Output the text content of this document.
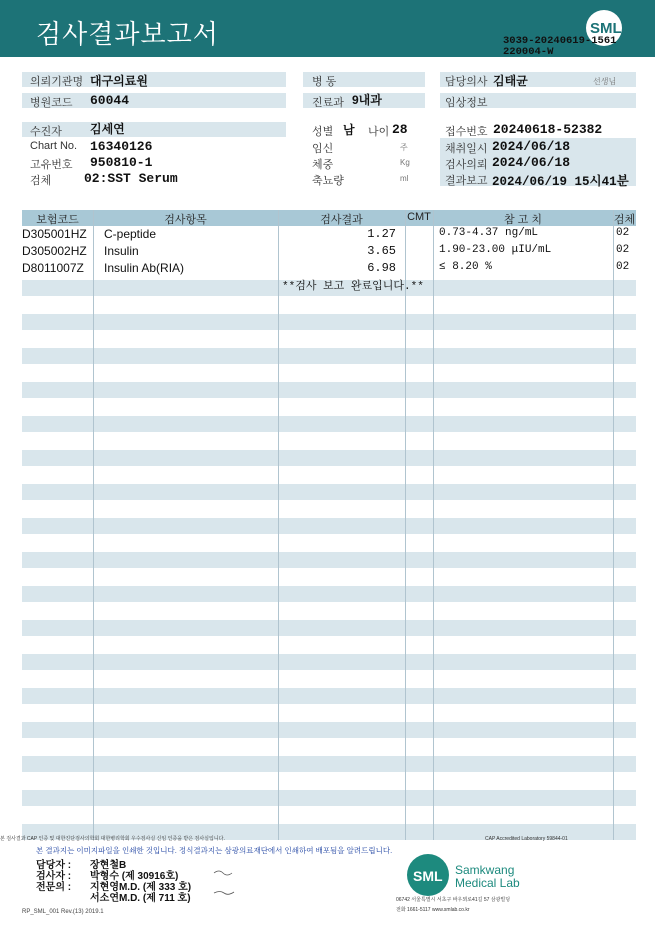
검사결과보고서	SML
3039-20240619-1561
220004-W
의뢰기관명 대구의료원
병원코드 60044
수진자 김세연
Chart No. 16340126
고유번호 950810-1
검체	02:SST Serum
병 동
진료과 9내과
성별 남 나이 28
임신	주
체중	Kg
축뇨량	ml
담당의사 김태균	선생님
임상정보
접수번호 20240618-52382
채취일시 2024/06/18
검사의뢰 2024/06/18
결과보고 2024/06/19 15시41분
보험코드	검사항목	검사결과	CMT	참 고 치	검체
D305001HZ C-peptide	1.27	0.73-4.37 ng/mL	02
D305002HZ Insulin	3.65	1.90-23.00 μIU/mL	02
D8011007Z Insulin Ab(RIA)	6.98	≤ 8.20 %	02
**검사 보고 완료입니다.**
본 검사결과 CAP 인증 및 대한진단검사의학회 대한병리학회 우수검사실 신임 인증을 받은 검사실입니다.	CAP Accredited Laboratory 59844-01
본 결과지는 이미지파일을 인쇄한 것입니다. 정식결과지는 삼광의료재단에서 인쇄하여 배포됨을 알려드립니다.
담당자 : 장현철B
검사자 : 박형수 (제 30916호)
전문의 : 지현영M.D. (제 333 호)
서소연M.D. (제 711 호)
SML Samkwang
Medical Lab
06742 서울특별시 서초구 바우뫼로41길 57 삼광빌딩
전화 1661-5117 www.smlab.co.kr
RP_SML_001 Rev.(13) 2019.1
